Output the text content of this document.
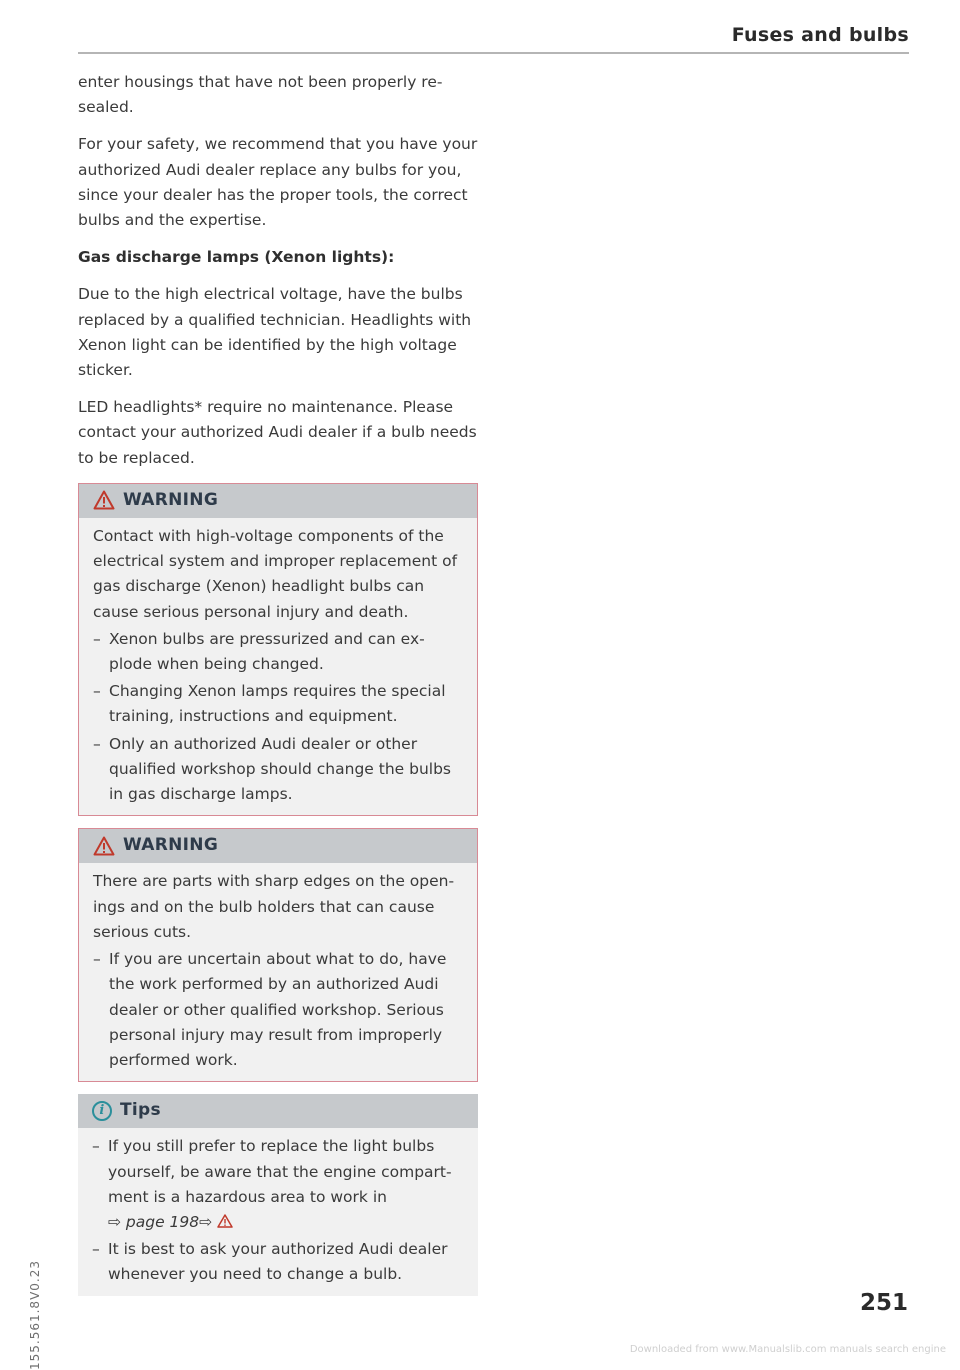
Fuses and bulbs

enter housings that have not been properly re-sealed.

For your safety, we recommend that you have your authorized Audi dealer replace any bulbs for you, since your dealer has the proper tools, the correct bulbs and the expertise.

Gas discharge lamps (Xenon lights):

Due to the high electrical voltage, have the bulbs replaced by a qualified technician. Headlights with Xenon light can be identified by the high voltage sticker.

LED headlights* require no maintenance. Please contact your authorized Audi dealer if a bulb needs to be replaced.

WARNING

Contact with high-voltage components of the electrical system and improper replacement of gas discharge (Xenon) headlight bulbs can cause serious personal injury and death.

– Xenon bulbs are pressurized and can ex-plode when being changed.
– Changing Xenon lamps requires the special training, instructions and equipment.
– Only an authorized Audi dealer or other qualified workshop should change the bulbs in gas discharge lamps.
WARNING

There are parts with sharp edges on the open-ings and on the bulb holders that can cause serious cuts.

– If you are uncertain about what to do, have the work performed by an authorized Audi dealer or other qualified workshop. Serious personal injury may result from improperly performed work.
i Tips
– If you still prefer to replace the light bulbs yourself, be aware that the engine compart-ment is a hazardous area to work in
⇨ page 198⇨
– It is best to ask your authorized Audi dealer whenever you need to change a bulb.
155.561.8V0.23	251
Downloaded from www.Manualslib.com manuals search engine
